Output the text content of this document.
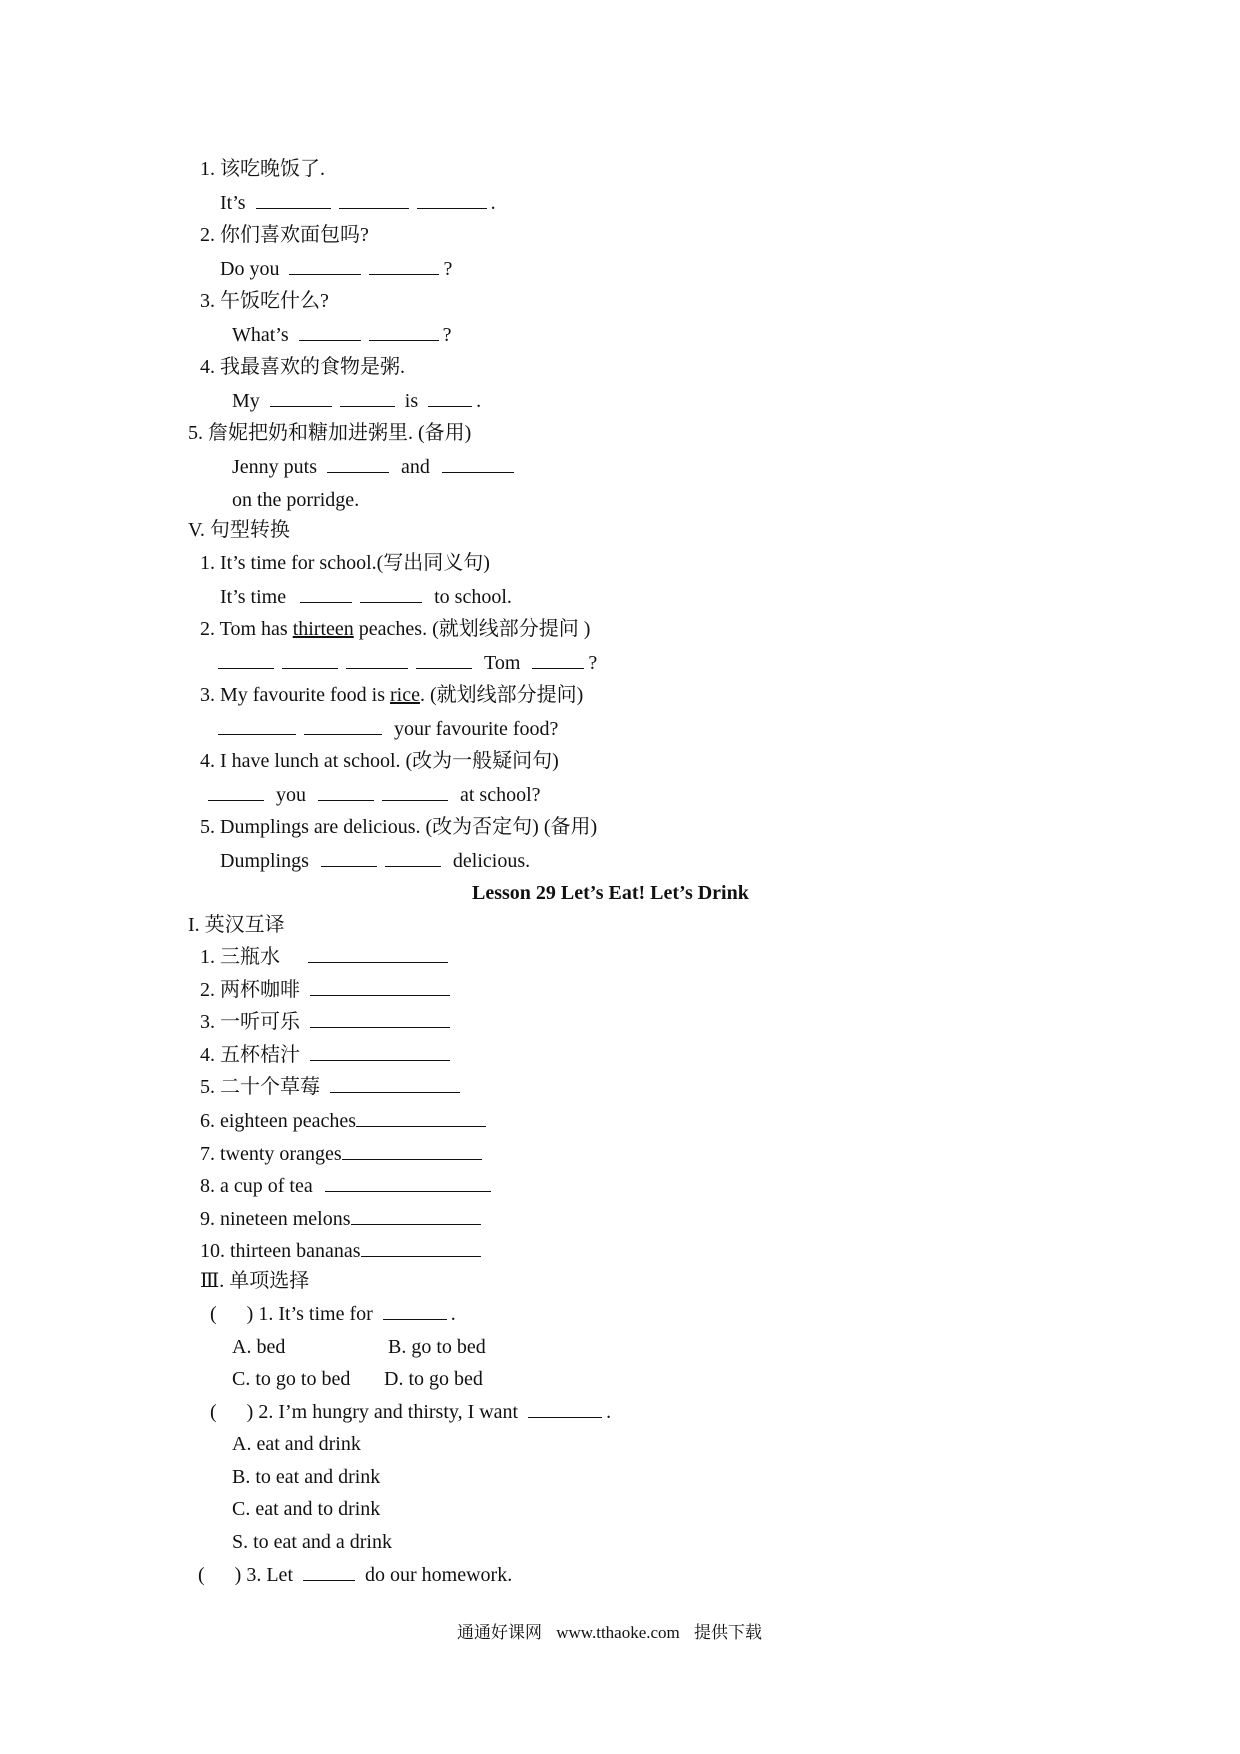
1. 该吃晚饭了.
It’s	.
2. 你们喜欢面包吗?
Do you	?
3. 午饭吃什么?
What’s	?
4. 我最喜欢的食物是粥.
My	is	.
5. 詹妮把奶和糖加进粥里. (备用)
Jenny puts	and
on the porridge.
V. 句型转换
1. It’s time for school.(写出同义句)
It’s time	to school.
2. Tom has thirteen peaches. (就划线部分提问 )
Tom	?
3. My favourite food is rice. (就划线部分提问)
your favourite food?
4. I have lunch at school. (改为一般疑问句)
you	at school?
5. Dumplings are delicious. (改为否定句) (备用)
Dumplings	delicious.
Lesson 29 Let’s Eat! Let’s Drink
I. 英汉互译
1. 三瓶水
2. 两杯咖啡
3. 一听可乐
4. 五杯桔汁
5. 二十个草莓
6. eighteen peaches
7. twenty oranges
8. a cup of tea
9. nineteen melons
10. thirteen bananas
Ⅲ. 单项选择
( ) 1. It’s time for	.
A. bed	B. go to bed
C. to go to bed D. to go bed
( ) 2. I’m hungry and thirsty, I want	.
A. eat and drink
B. to eat and drink
C. eat and to drink
S. to eat and a drink
( ) 3. Let	do our homework.
通通好课网 www.tthaoke.com 提供下载
